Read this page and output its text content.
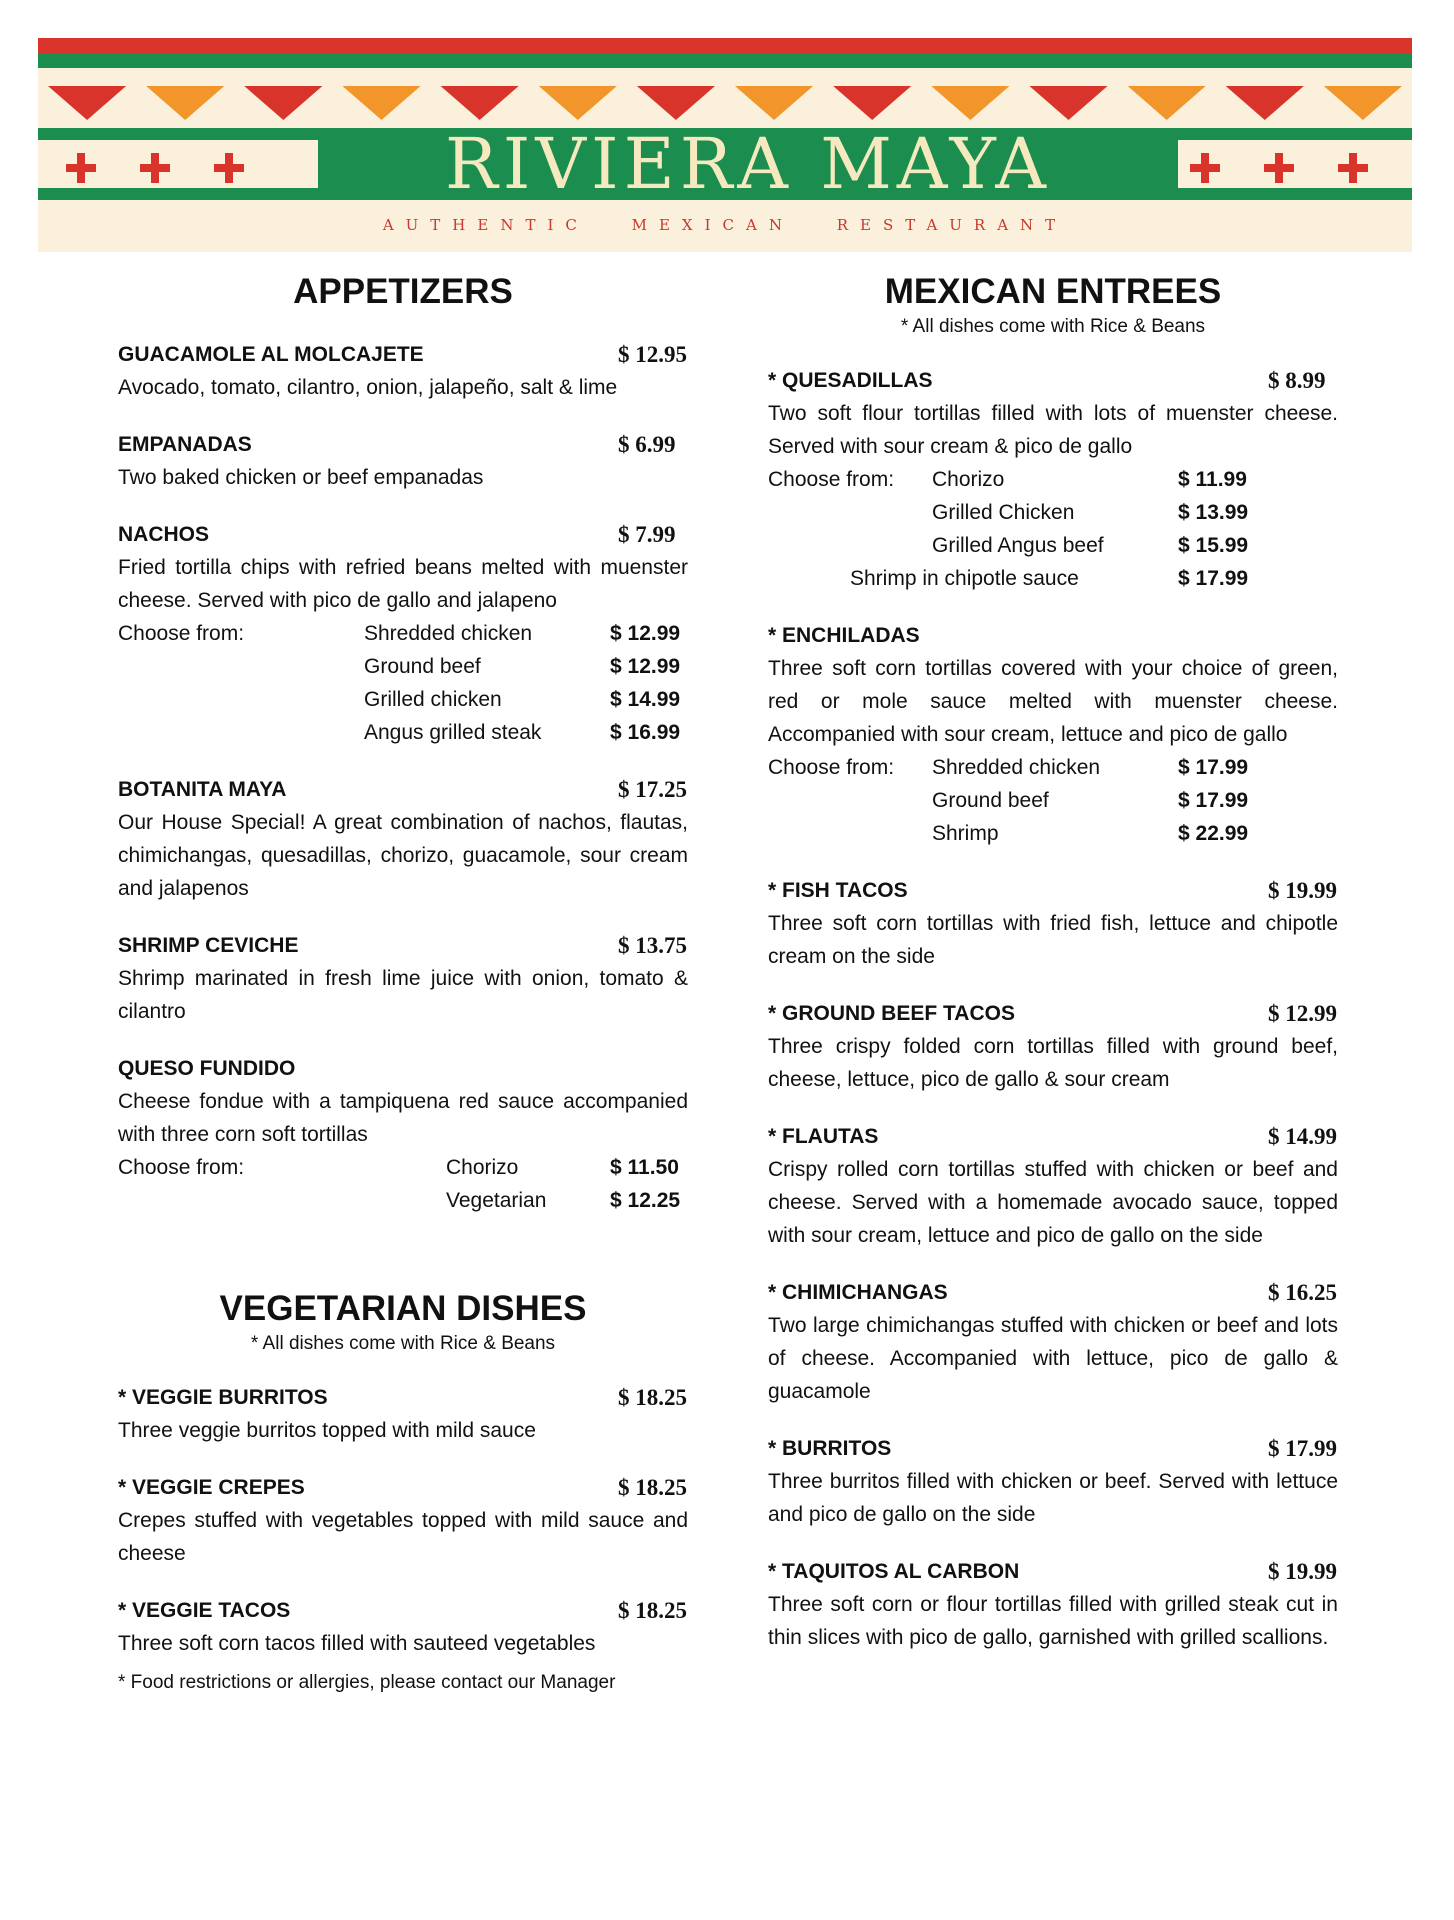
RIVIERA MAYA
AUTHENTIC MEXICAN RESTAURANT
APPETIZERS
GUACAMOLE AL MOLCAJETE	$ 12.95
Avocado, tomato, cilantro, onion, jalapeño, salt & lime
EMPANADAS	$ 6.99
Two baked chicken or beef empanadas
NACHOS	$ 7.99
Fried tortilla chips with refried beans melted with muenster cheese. Served with pico de gallo and jalapeno
Choose from:	Shredded chicken	$ 12.99
Ground beef	$ 12.99
Grilled chicken	$ 14.99
Angus grilled steak	$ 16.99
BOTANITA MAYA	$ 17.25
Our House Special! A great combination of nachos, flautas, chimichangas, quesadillas, chorizo, guacamole, sour cream and jalapenos
SHRIMP CEVICHE	$ 13.75
Shrimp marinated in fresh lime juice with onion, tomato & cilantro
QUESO FUNDIDO
Cheese fondue with a tampiquena red sauce accompanied with three corn soft tortillas
Choose from:	Chorizo	$ 11.50
Vegetarian	$ 12.25
VEGETARIAN DISHES

* All dishes come with Rice & Beans

* VEGGIE BURRITOS	$ 18.25
Three veggie burritos topped with mild sauce
* VEGGIE CREPES	$ 18.25
Crepes stuffed with vegetables topped with mild sauce and cheese
* VEGGIE TACOS	$ 18.25
Three soft corn tacos filled with sauteed vegetables
* Food restrictions or allergies, please contact our Manager
MEXICAN ENTREES

* All dishes come with Rice & Beans

* QUESADILLAS	$ 8.99
Two soft flour tortillas filled with lots of muenster cheese. Served with sour cream & pico de gallo
Choose from:	Chorizo	$ 11.99
Grilled Chicken	$ 13.99
Grilled Angus beef	$ 15.99
Shrimp in chipotle sauce	$ 17.99
* ENCHILADAS
Three soft corn tortillas covered with your choice of green, red or mole sauce melted with muenster cheese. Accompanied with sour cream, lettuce and pico de gallo
Choose from:	Shredded chicken	$ 17.99
Ground beef	$ 17.99
Shrimp	$ 22.99
* FISH TACOS	$ 19.99
Three soft corn tortillas with fried fish, lettuce and chipotle cream on the side
* GROUND BEEF TACOS	$ 12.99
Three crispy folded corn tortillas filled with ground beef, cheese, lettuce, pico de gallo & sour cream
* FLAUTAS	$ 14.99
Crispy rolled corn tortillas stuffed with chicken or beef and cheese. Served with a homemade avocado sauce, topped with sour cream, lettuce and pico de gallo on the side
* CHIMICHANGAS	$ 16.25
Two large chimichangas stuffed with chicken or beef and lots of cheese. Accompanied with lettuce, pico de gallo & guacamole
* BURRITOS	$ 17.99
Three burritos filled with chicken or beef. Served with lettuce and pico de gallo on the side
* TAQUITOS AL CARBON	$ 19.99
Three soft corn or flour tortillas filled with grilled steak cut in thin slices with pico de gallo, garnished with grilled scallions.
